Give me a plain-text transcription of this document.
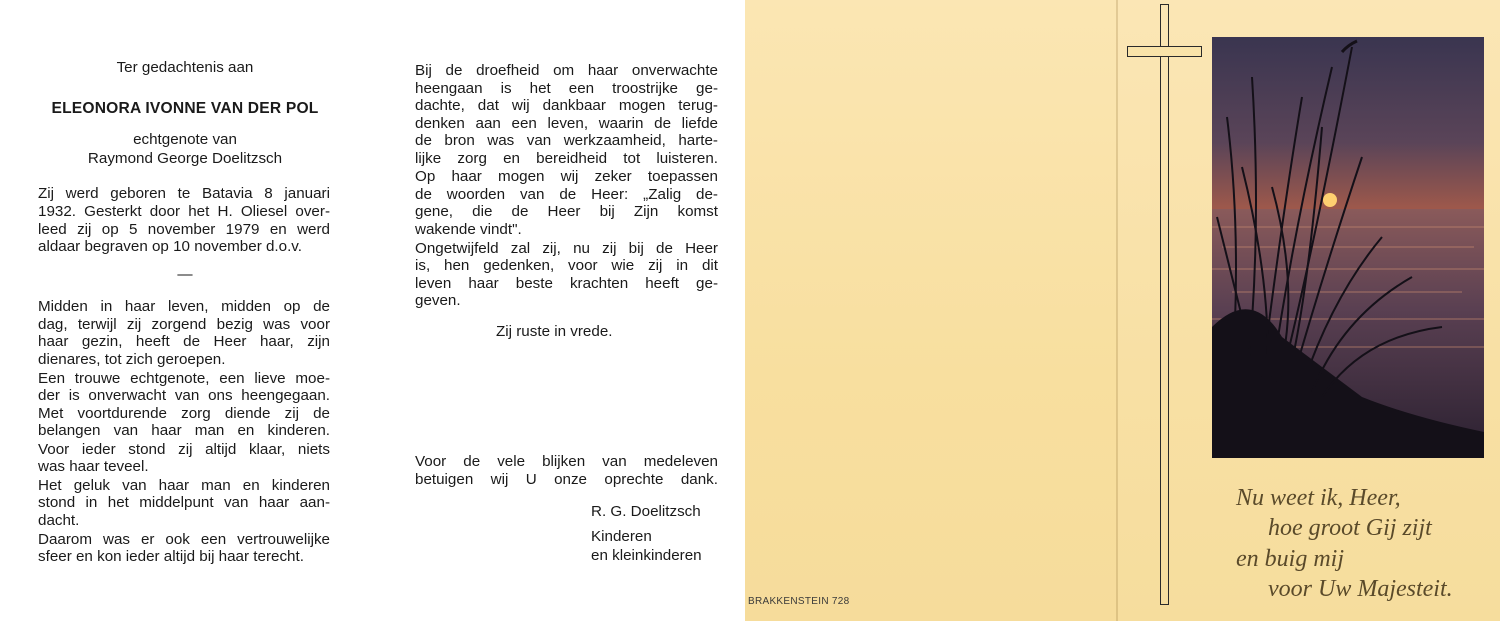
Ter gedachtenis aan
ELEONORA IVONNE VAN DER POL
echtgenote van
Raymond George Doelitzsch
Zij werd geboren te Batavia 8 januari
1932. Gesterkt door het H. Oliesel over-
leed zij op 5 november 1979 en werd
aldaar begraven op 10 november d.o.v.
—
Midden in haar leven, midden op de
dag, terwijl zij zorgend bezig was voor
haar gezin, heeft de Heer haar, zijn
dienares, tot zich geroepen.
Een trouwe echtgenote, een lieve moe-
der is onverwacht van ons heengegaan.
Met voortdurende zorg diende zij de
belangen van haar man en kinderen.
Voor ieder stond zij altijd klaar, niets
was haar teveel.
Het geluk van haar man en kinderen
stond in het middelpunt van haar aan-
dacht.
Daarom was er ook een vertrouwelijke
sfeer en kon ieder altijd bij haar terecht.
Bij de droefheid om haar onverwachte
heengaan is het een troostrijke ge-
dachte, dat wij dankbaar mogen terug-
denken aan een leven, waarin de liefde
de bron was van werkzaamheid, harte-
lijke zorg en bereidheid tot luisteren.
Op haar mogen wij zeker toepassen
de woorden van de Heer: „Zalig de-
gene, die de Heer bij Zijn komst
wakende vindt".
Ongetwijfeld zal zij, nu zij bij de Heer
is, hen gedenken, voor wie zij in dit
leven haar beste krachten heeft ge-
geven.
Zij ruste in vrede.
Voor de vele blijken van medeleven
betuigen wij U onze oprechte dank.
R. G. Doelitzsch
Kinderen
en kleinkinderen
BRAKKENSTEIN 728
Nu weet ik, Heer,
hoe groot Gij zijt
en buig mij
voor Uw Majesteit.
